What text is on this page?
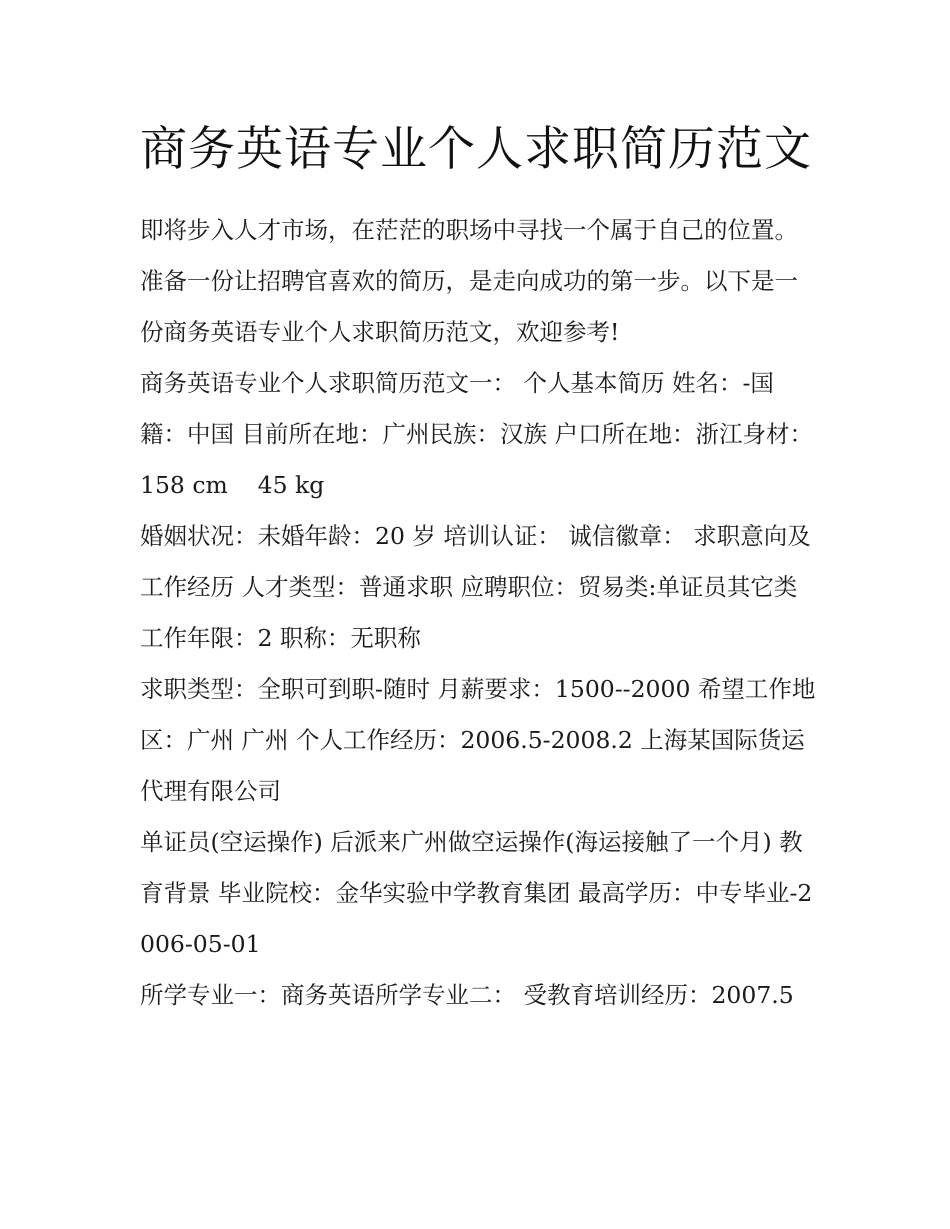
商务英语专业个人求职简历范文

即将步入人才市场，在茫茫的职场中寻找一个属于自己的位置。准备一份让招聘官喜欢的简历，是走向成功的第一步。以下是一份商务英语专业个人求职简历范文，欢迎参考!

商务英语专业个人求职简历范文一： 个人基本简历 姓名：-国籍：中国 目前所在地：广州民族：汉族 户口所在地：浙江身材：158 cm    45 kg

婚姻状况：未婚年龄：20 岁 培训认证： 诚信徽章： 求职意向及工作经历 人才类型：普通求职 应聘职位：贸易类:单证员其它类 工作年限：2 职称：无职称

求职类型：全职可到职-随时 月薪要求：1500--2000 希望工作地区：广州 广州 个人工作经历：2006.5-2008.2 上海某国际货运代理有限公司

单证员(空运操作) 后派来广州做空运操作(海运接触了一个月) 教育背景 毕业院校：金华实验中学教育集团 最高学历：中专毕业-2006-05-01

所学专业一：商务英语所学专业二： 受教育培训经历：2007.5
